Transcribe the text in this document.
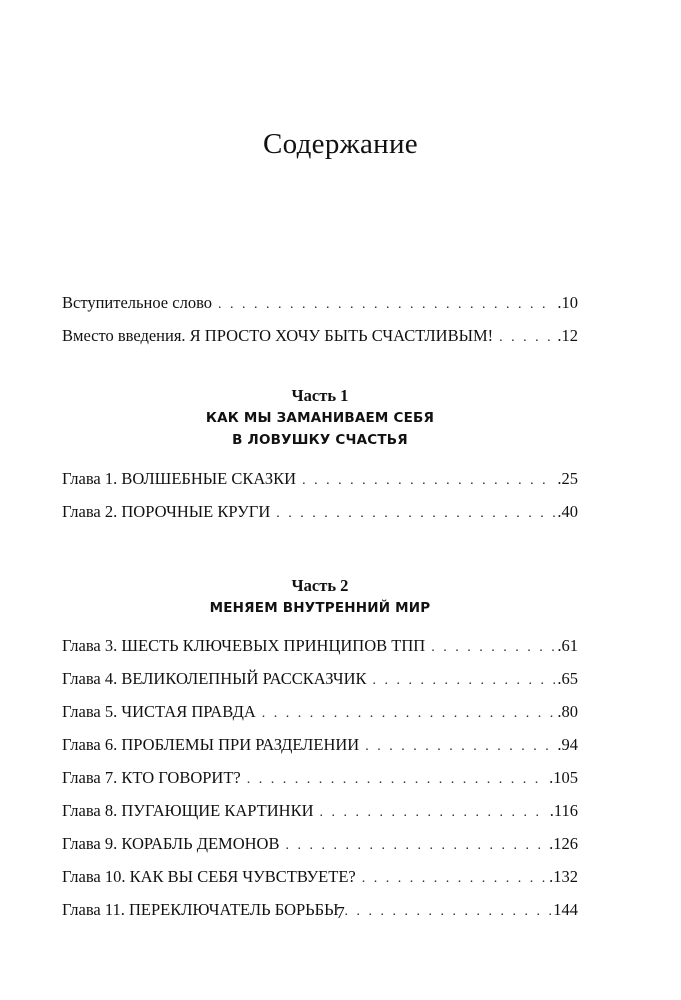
Содержание
Вступительное слово . . .	.10
Вместо введения. Я ПРОСТО ХОЧУ БЫТЬ СЧАСТЛИВЫМ! . . .	.12
Часть 1
КАК МЫ ЗАМАНИВАЕМ СЕБЯ
В ЛОВУШКУ СЧАСТЬЯ
Глава 1. ВОЛШЕБНЫЕ СКАЗКИ . . .	.25
Глава 2. ПОРОЧНЫЕ КРУГИ . . .	.40
Часть 2
МЕНЯЕМ ВНУТРЕННИЙ МИР
Глава 3. ШЕСТЬ КЛЮЧЕВЫХ ПРИНЦИПОВ ТПП . . .	.61
Глава 4. ВЕЛИКОЛЕПНЫЙ РАССКАЗЧИК . . .	.65
Глава 5. ЧИСТАЯ ПРАВДА . . .	.80
Глава 6. ПРОБЛЕМЫ ПРИ РАЗДЕЛЕНИИ . . .	.94
Глава 7. КТО ГОВОРИТ? . . .	.105
Глава 8. ПУГАЮЩИЕ КАРТИНКИ . . .	.116
Глава 9. КОРАБЛЬ ДЕМОНОВ . . .	.126
Глава 10. КАК ВЫ СЕБЯ ЧУВСТВУЕТЕ? . . .	.132
Глава 11. ПЕРЕКЛЮЧАТЕЛЬ БОРЬБЫ . . .	144
7
